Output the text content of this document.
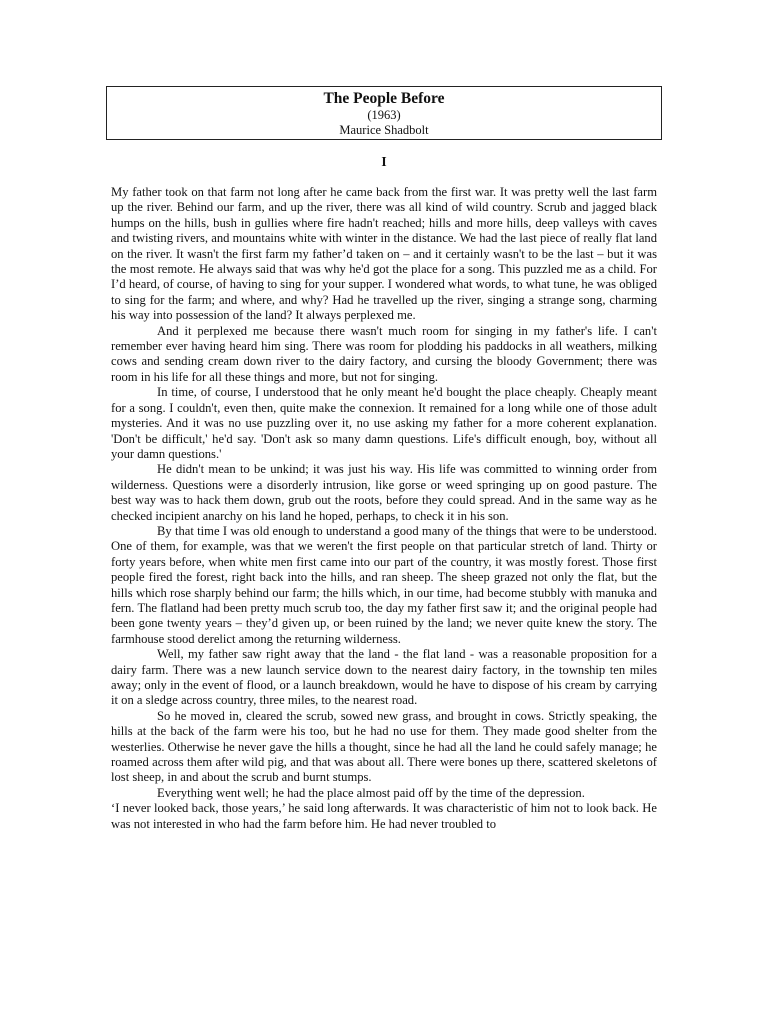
The People Before
(1963)
Maurice Shadbolt
I

My father took on that farm not long after he came back from the first war. It was pretty well the last farm up the river. Behind our farm, and up the river, there was all kind of wild country. Scrub and jagged black humps on the hills, bush in gullies where fire hadn't reached; hills and more hills, deep valleys with caves and twisting rivers, and mountains white with winter in the distance. We had the last piece of really flat land on the river. It wasn't the first farm my father’d taken on – and it certainly wasn't to be the last – but it was the most remote. He always said that was why he'd got the place for a song. This puzzled me as a child. For I’d heard, of course, of having to sing for your supper. I wondered what words, to what tune, he was obliged to sing for the farm; and where, and why? Had he travelled up the river, singing a strange song, charming his way into possession of the land? It always perplexed me.

And it perplexed me because there wasn't much room for singing in my father's life. I can't remember ever having heard him sing. There was room for plodding his paddocks in all weathers, milking cows and sending cream down river to the dairy factory, and cursing the bloody Government; there was room in his life for all these things and more, but not for singing.

In time, of course, I understood that he only meant he'd bought the place cheaply. Cheaply meant for a song. I couldn't, even then, quite make the connexion. It remained for a long while one of those adult mysteries. And it was no use puzzling over it, no use asking my father for a more coherent explanation. 'Don't be difficult,' he'd say. 'Don't ask so many damn questions. Life's difficult enough, boy, without all your damn questions.'

He didn't mean to be unkind; it was just his way. His life was committed to winning order from wilderness. Questions were a disorderly intrusion, like gorse or weed springing up on good pasture. The best way was to hack them down, grub out the roots, before they could spread. And in the same way as he checked incipient anarchy on his land he hoped, perhaps, to check it in his son.

By that time I was old enough to understand a good many of the things that were to be understood. One of them, for example, was that we weren't the first people on that particular stretch of land. Thirty or forty years before, when white men first came into our part of the country, it was mostly forest. Those first people fired the forest, right back into the hills, and ran sheep. The sheep grazed not only the flat, but the hills which rose sharply behind our farm; the hills which, in our time, had become stubbly with manuka and fern. The flatland had been pretty much scrub too, the day my father first saw it; and the original people had been gone twenty years – they’d given up, or been ruined by the land; we never quite knew the story. The farmhouse stood derelict among the returning wilderness.

Well, my father saw right away that the land - the flat land - was a reasonable proposition for a dairy farm. There was a new launch service down to the nearest dairy factory, in the township ten miles away; only in the event of flood, or a launch breakdown, would he have to dispose of his cream by carrying it on a sledge across country, three miles, to the nearest road.

So he moved in, cleared the scrub, sowed new grass, and brought in cows. Strictly speaking, the hills at the back of the farm were his too, but he had no use for them. They made good shelter from the westerlies. Otherwise he never gave the hills a thought, since he had all the land he could safely manage; he roamed across them after wild pig, and that was about all. There were bones up there, scattered skeletons of lost sheep, in and about the scrub and burnt stumps.

Everything went well; he had the place almost paid off by the time of the depression.

‘I never looked back, those years,’ he said long afterwards. It was characteristic of him not to look back. He was not interested in who had the farm before him. He had never troubled to
